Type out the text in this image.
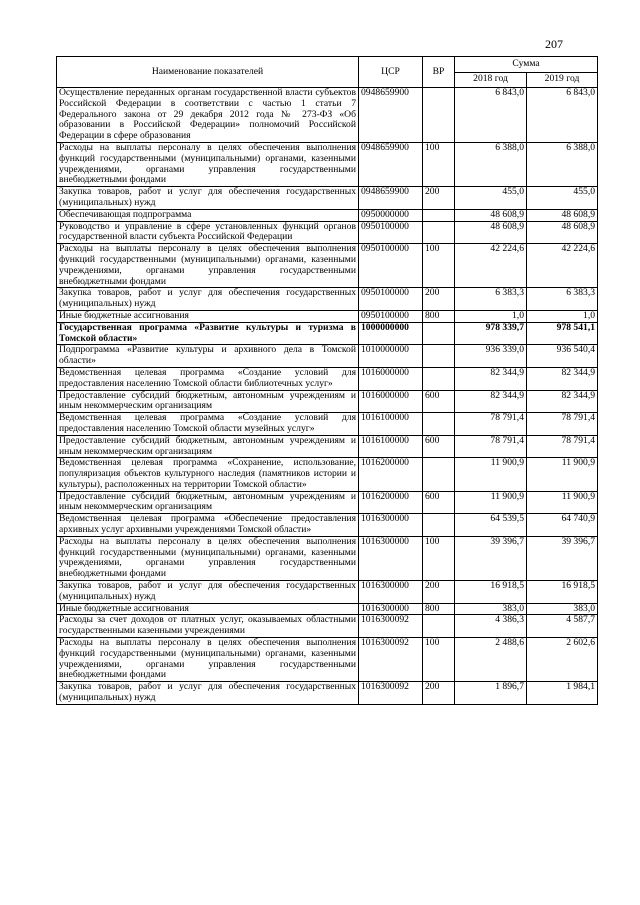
207
Наименование показателей	ЦСР	ВР	Сумма	
			2018 год	2019 год
Осуществление переданных органам государственной власти субъектов Российской Федерации в соответствии с частью 1 статьи 7 Федерального закона от 29 декабря 2012 года № 273-ФЗ «Об образовании в Российской Федерации» полномочий Российской Федерации в сфере образования	0948659900		6 843,0	6 843,0
Расходы на выплаты персоналу в целях обеспечения выполнения функций государственными (муниципальными) органами, казенными учреждениями, органами управления государственными внебюджетными фондами	0948659900	100	6 388,0	6 388,0
Закупка товаров, работ и услуг для обеспечения государственных (муниципальных) нужд	0948659900	200	455,0	455,0
Обеспечивающая подпрограмма	0950000000		48 608,9	48 608,9
Руководство и управление в сфере установленных функций органов государственной власти субъекта Российской Федерации	0950100000		48 608,9	48 608,9
Расходы на выплаты персоналу в целях обеспечения выполнения функций государственными (муниципальными) органами, казенными учреждениями, органами управления государственными внебюджетными фондами	0950100000	100	42 224,6	42 224,6
Закупка товаров, работ и услуг для обеспечения государственных (муниципальных) нужд	0950100000	200	6 383,3	6 383,3
Иные бюджетные ассигнования	0950100000	800	1,0	1,0
Государственная программа «Развитие культуры и туризма в Томской области»	1000000000		978 339,7	978 541,1
Подпрограмма «Развитие культуры и архивного дела в Томской области»	1010000000		936 339,0	936 540,4
Ведомственная целевая программа «Создание условий для предоставления населению Томской области библиотечных услуг»	1016000000		82 344,9	82 344,9
Предоставление субсидий бюджетным, автономным учреждениям и иным некоммерческим организациям	1016000000	600	82 344,9	82 344,9
Ведомственная целевая программа «Создание условий для предоставления населению Томской области музейных услуг»	1016100000		78 791,4	78 791,4
Предоставление субсидий бюджетным, автономным учреждениям и иным некоммерческим организациям	1016100000	600	78 791,4	78 791,4
Ведомственная целевая программа «Сохранение, использование, популяризация объектов культурного наследия (памятников истории и культуры), расположенных на территории Томской области»	1016200000		11 900,9	11 900,9
Предоставление субсидий бюджетным, автономным учреждениям и иным некоммерческим организациям	1016200000	600	11 900,9	11 900,9
Ведомственная целевая программа «Обеспечение предоставления архивных услуг архивными учреждениями Томской области»	1016300000		64 539,5	64 740,9
Расходы на выплаты персоналу в целях обеспечения выполнения функций государственными (муниципальными) органами, казенными учреждениями, органами управления государственными внебюджетными фондами	1016300000	100	39 396,7	39 396,7
Закупка товаров, работ и услуг для обеспечения государственных (муниципальных) нужд	1016300000	200	16 918,5	16 918,5
Иные бюджетные ассигнования	1016300000	800	383,0	383,0
Расходы за счет доходов от платных услуг, оказываемых областными государственными казенными учреждениями	1016300092		4 386,3	4 587,7
Расходы на выплаты персоналу в целях обеспечения выполнения функций государственными (муниципальными) органами, казенными учреждениями, органами управления государственными внебюджетными фондами	1016300092	100	2 488,6	2 602,6
Закупка товаров, работ и услуг для обеспечения государственных (муниципальных) нужд	1016300092	200	1 896,7	1 984,1
